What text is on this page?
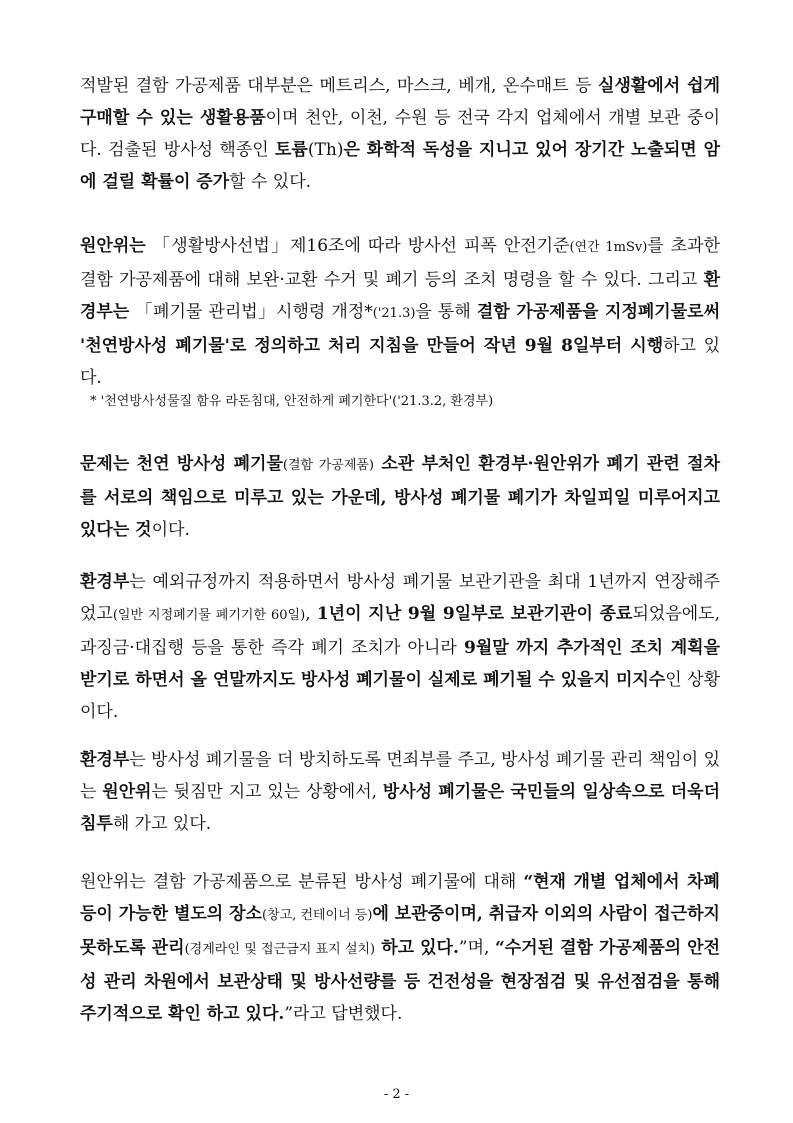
적발된 결함 가공제품 대부분은 메트리스, 마스크, 베개, 온수매트 등 실생활에서 쉽게 구매할 수 있는 생활용품이며 천안, 이천, 수원 등 전국 각지 업체에서 개별 보관 중이다. 검출된 방사성 핵종인 토륨(Th)은 화학적 독성을 지니고 있어 장기간 노출되면 암에 걸릴 확률이 증가할 수 있다.

원안위는 「생활방사선법」제16조에 따라 방사선 피폭 안전기준(연간 1mSv)를 초과한 결함 가공제품에 대해 보완·교환 수거 및 폐기 등의 조치 명령을 할 수 있다. 그리고 환경부는 「폐기물 관리법」시행령 개정*('21.3)을 통해 결함 가공제품을 지정폐기물로써 '천연방사성 폐기물'로 정의하고 처리 지침을 만들어 작년 9월 8일부터 시행하고 있다.

* '천연방사성물질 함유 라돈침대, 안전하게 폐기한다'('21.3.2, 환경부)

문제는 천연 방사성 폐기물(결함 가공제품) 소관 부처인 환경부·원안위가 폐기 관련 절차를 서로의 책임으로 미루고 있는 가운데, 방사성 폐기물 폐기가 차일피일 미루어지고 있다는 것이다.

환경부는 예외규정까지 적용하면서 방사성 폐기물 보관기관을 최대 1년까지 연장해주었고(일반 지정폐기물 폐기기한 60일), 1년이 지난 9월 9일부로 보관기관이 종료되었음에도, 과징금·대집행 등을 통한 즉각 폐기 조치가 아니라 9월말 까지 추가적인 조치 계획을 받기로 하면서 올 연말까지도 방사성 폐기물이 실제로 폐기될 수 있을지 미지수인 상황이다.

환경부는 방사성 폐기물을 더 방치하도록 면죄부를 주고, 방사성 폐기물 관리 책임이 있는 원안위는 뒷짐만 지고 있는 상황에서, 방사성 폐기물은 국민들의 일상속으로 더욱더 침투해 가고 있다.

원안위는 결함 가공제품으로 분류된 방사성 폐기물에 대해 “현재 개별 업체에서 차폐 등이 가능한 별도의 장소(창고, 컨테이너 등)에 보관중이며, 취급자 이외의 사람이 접근하지 못하도록 관리(경계라인 및 접근금지 표지 설치) 하고 있다.”며, “수거된 결함 가공제품의 안전성 관리 차원에서 보관상태 및 방사선량를 등 건전성을 현장점검 및 유선점검을 통해 주기적으로 확인 하고 있다.”라고 답변했다.

- 2 -
